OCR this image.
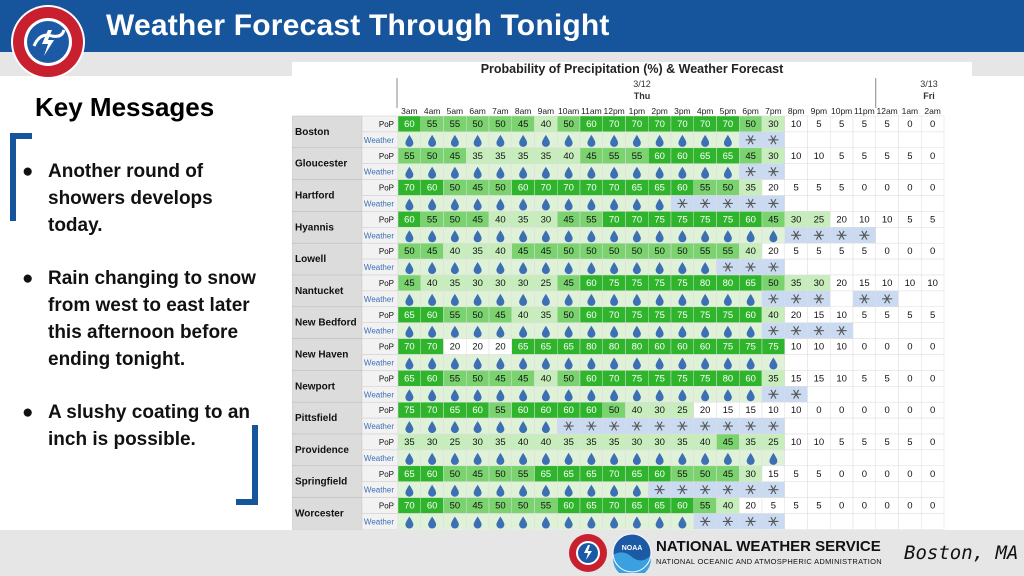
Weather Forecast Through Tonight
Key Messages
● Another round of showers develops today.
● Rain changing to snow from west to east later this afternoon before ending tonight.
● A slushy coating to an inch is possible.
3am 4am 5am 6am 7am 8am 9am 10am 11am 12pm 1pm 2pm 3pm 4pm 5pm 6pm 7pm 8pm 9pm 10pm 11pm 12am 1am 2am
Boston
PoP
Weather
60 55 55 50 50 45 40 50 60 70 70 70 70 70 70 50 30 10 5 5 5 5 0 0
Gloucester
PoP
Weather
55 50 45 35 35 35 35 40 45 55 55 60 60 65 65 45 30 10 10 5 5 5 5 0
Hartford
PoP
Weather
70 60 50 45 50 60 70 70 70 70 65 65 60 55 50 35 20 5 5 5 0 0 0 0
Hyannis
PoP
Weather
60 55 50 45 40 35 30 45 55 70 70 75 75 75 75 60 45 30 25 20 10 10 5 5
Lowell
PoP
Weather
50 45 40 35 40 45 45 50 50 50 50 50 50 55 55 40 20 5 5 5 5 0 0 0
Nantucket
PoP
Weather
45 40 35 30 30 30 25 45 60 75 75 75 75 80 80 65 50 35 30 20 15 10 10 10
New Bedford
PoP
Weather
65 60 55 50 45 40 35 50 60 70 75 75 75 75 75 60 40 20 15 10 5 5 5 5
New Haven
PoP
Weather
70 70 20 20 20 65 65 65 80 80 80 60 60 60 75 75 75 10 10 10 0 0 0 0
Newport
PoP
Weather
65 60 55 50 45 45 40 50 60 70 75 75 75 75 80 60 35 15 15 10 5 5 0 0
Pittsfield
PoP
Weather
75 70 65 60 55 60 60 60 60 50 40 30 25 20 15 15 10 10 0 0 0 0 0 0
Providence
PoP
Weather
35 30 25 30 35 40 40 35 35 35 30 30 35 40 45 35 25 10 10 5 5 5 5 0
Springfield
PoP
Weather
65 60 50 45 50 55 65 65 65 70 65 60 55 50 45 30 15 5 5 0 0 0 0 0
Worcester
PoP
Weather
70 60 50 45 50 50 55 60 65 70 65 65 60 55 40 20 5 5 5 0 0 0 0 0
Probability of Precipitation (%) & Weather Forecast
3/12
Thu
3/13
Fri
NATIONAL WEATHER SERVICE
NATIONAL OCEANIC AND ATMOSPHERIC ADMINISTRATION Boston, MA
NOAA
